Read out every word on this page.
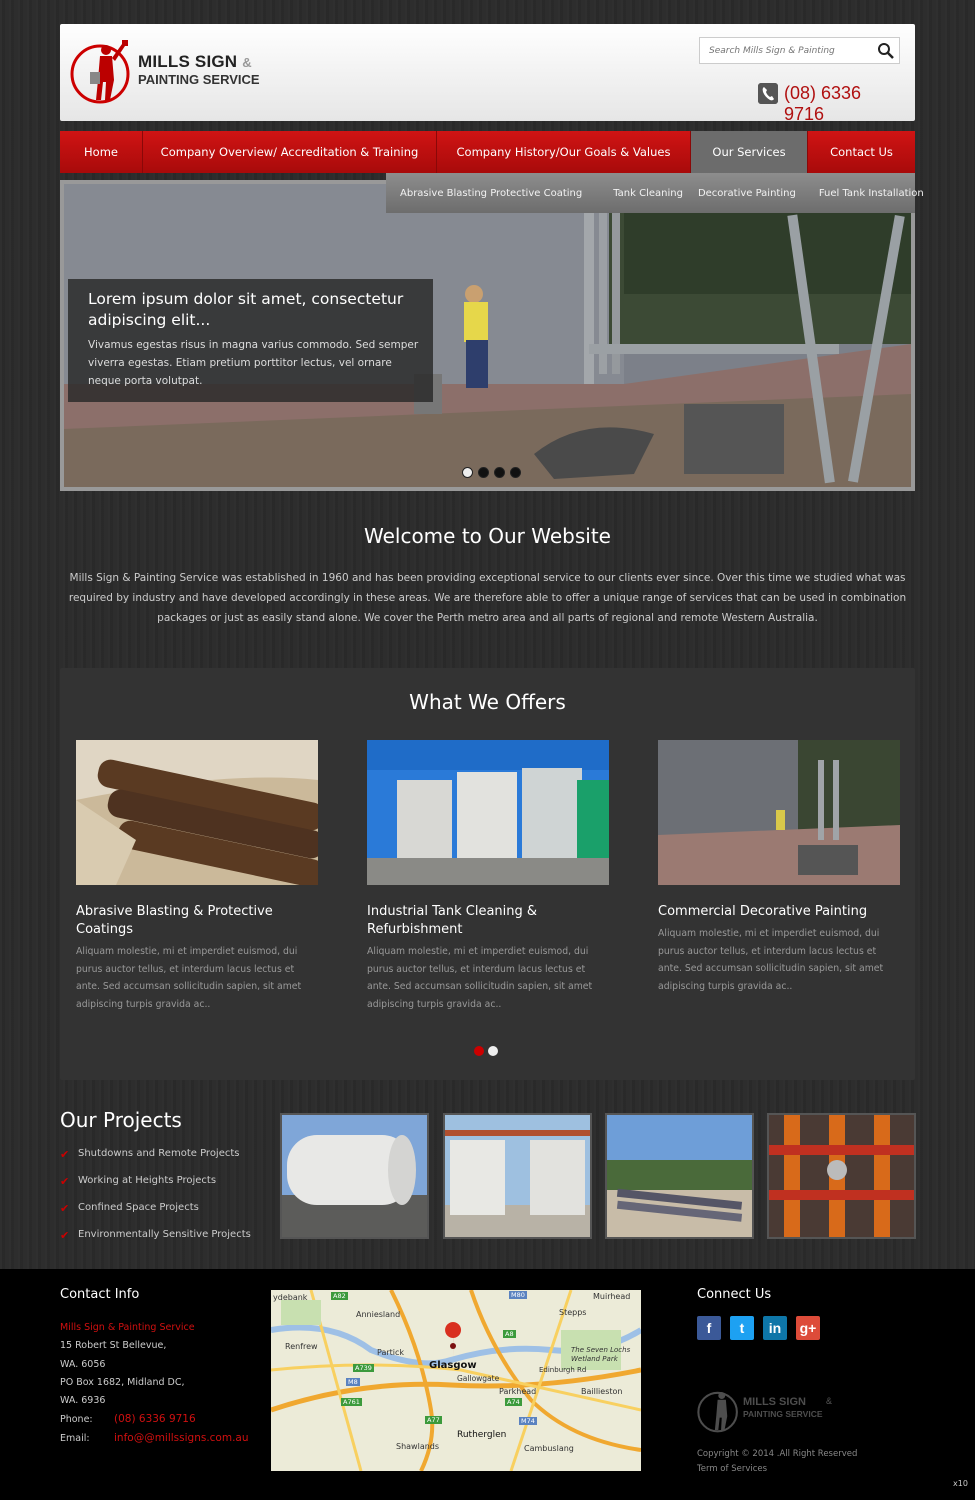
MILLS SIGN &
PAINTING SERVICE
Search Mills Sign & Painting
(08) 6336 9716
Home	Company Overview/ Accreditation & Training	Company History/Our Goals & Values	Our Services	Contact Us
Lorem ipsum dolor sit amet, consectetur adipiscing elit...

Vivamus egestas risus in magna varius commodo. Sed semper viverra egestas. Etiam pretium porttitor lectus, vel ornare neque porta volutpat.

Abrasive Blasting Protective Coating	Tank Cleaning Decorative Painting Fuel Tank Installation
Welcome to Our Website
Mills Sign & Painting Service was established in 1960 and has been providing exceptional service to our clients ever since. Over this time we studied what was required by industry and have developed accordingly in these areas. We are therefore able to offer a unique range of services that can be used in combination packages or just as easily stand alone. We cover the Perth metro area and all parts of regional and remote Western Australia.
What We Offers
Abrasive Blasting & Protective Coatings

Aliquam molestie, mi et imperdiet euismod, dui purus auctor tellus, et interdum lacus lectus et ante. Sed accumsan sollicitudin sapien, sit amet adipiscing turpis gravida ac..

Industrial Tank Cleaning & Refurbishment

Aliquam molestie, mi et imperdiet euismod, dui purus auctor tellus, et interdum lacus lectus et ante. Sed accumsan sollicitudin sapien, sit amet adipiscing turpis gravida ac..

Commercial Decorative Painting

Aliquam molestie, mi et imperdiet euismod, dui purus auctor tellus, et interdum lacus lectus et ante. Sed accumsan sollicitudin sapien, sit amet adipiscing turpis gravida ac..

Our Projects
✔ Shutdowns and Remote Projects
✔ Working at Heights Projects
✔ Confined Space Projects
✔ Environmentally Sensitive Projects
Contact Info
Mills Sign & Painting Service
15 Robert St Bellevue,
WA. 6056
PO Box 1682, Midland DC,
WA. 6936
Phone: (08) 6336 9716
Email: info@@millssigns.com.au
ydebank
Anniesland
Renfrew
Partick
Glasgow
Stepps
Muirhead
Gallowgate
Parkhead
Edinburgh Rd
Baillieston
The Seven Lochs Wetland Park
Rutherglen
Cambuslang
Shawlands
M8
M80
M74
A82
A739
A761
A77
A74
A8
Connect Us
f	t	in	g+
MILLS SIGN &
PAINTING SERVICE
Copyright © 2014 .All Right Reserved
Term of Services
x10
